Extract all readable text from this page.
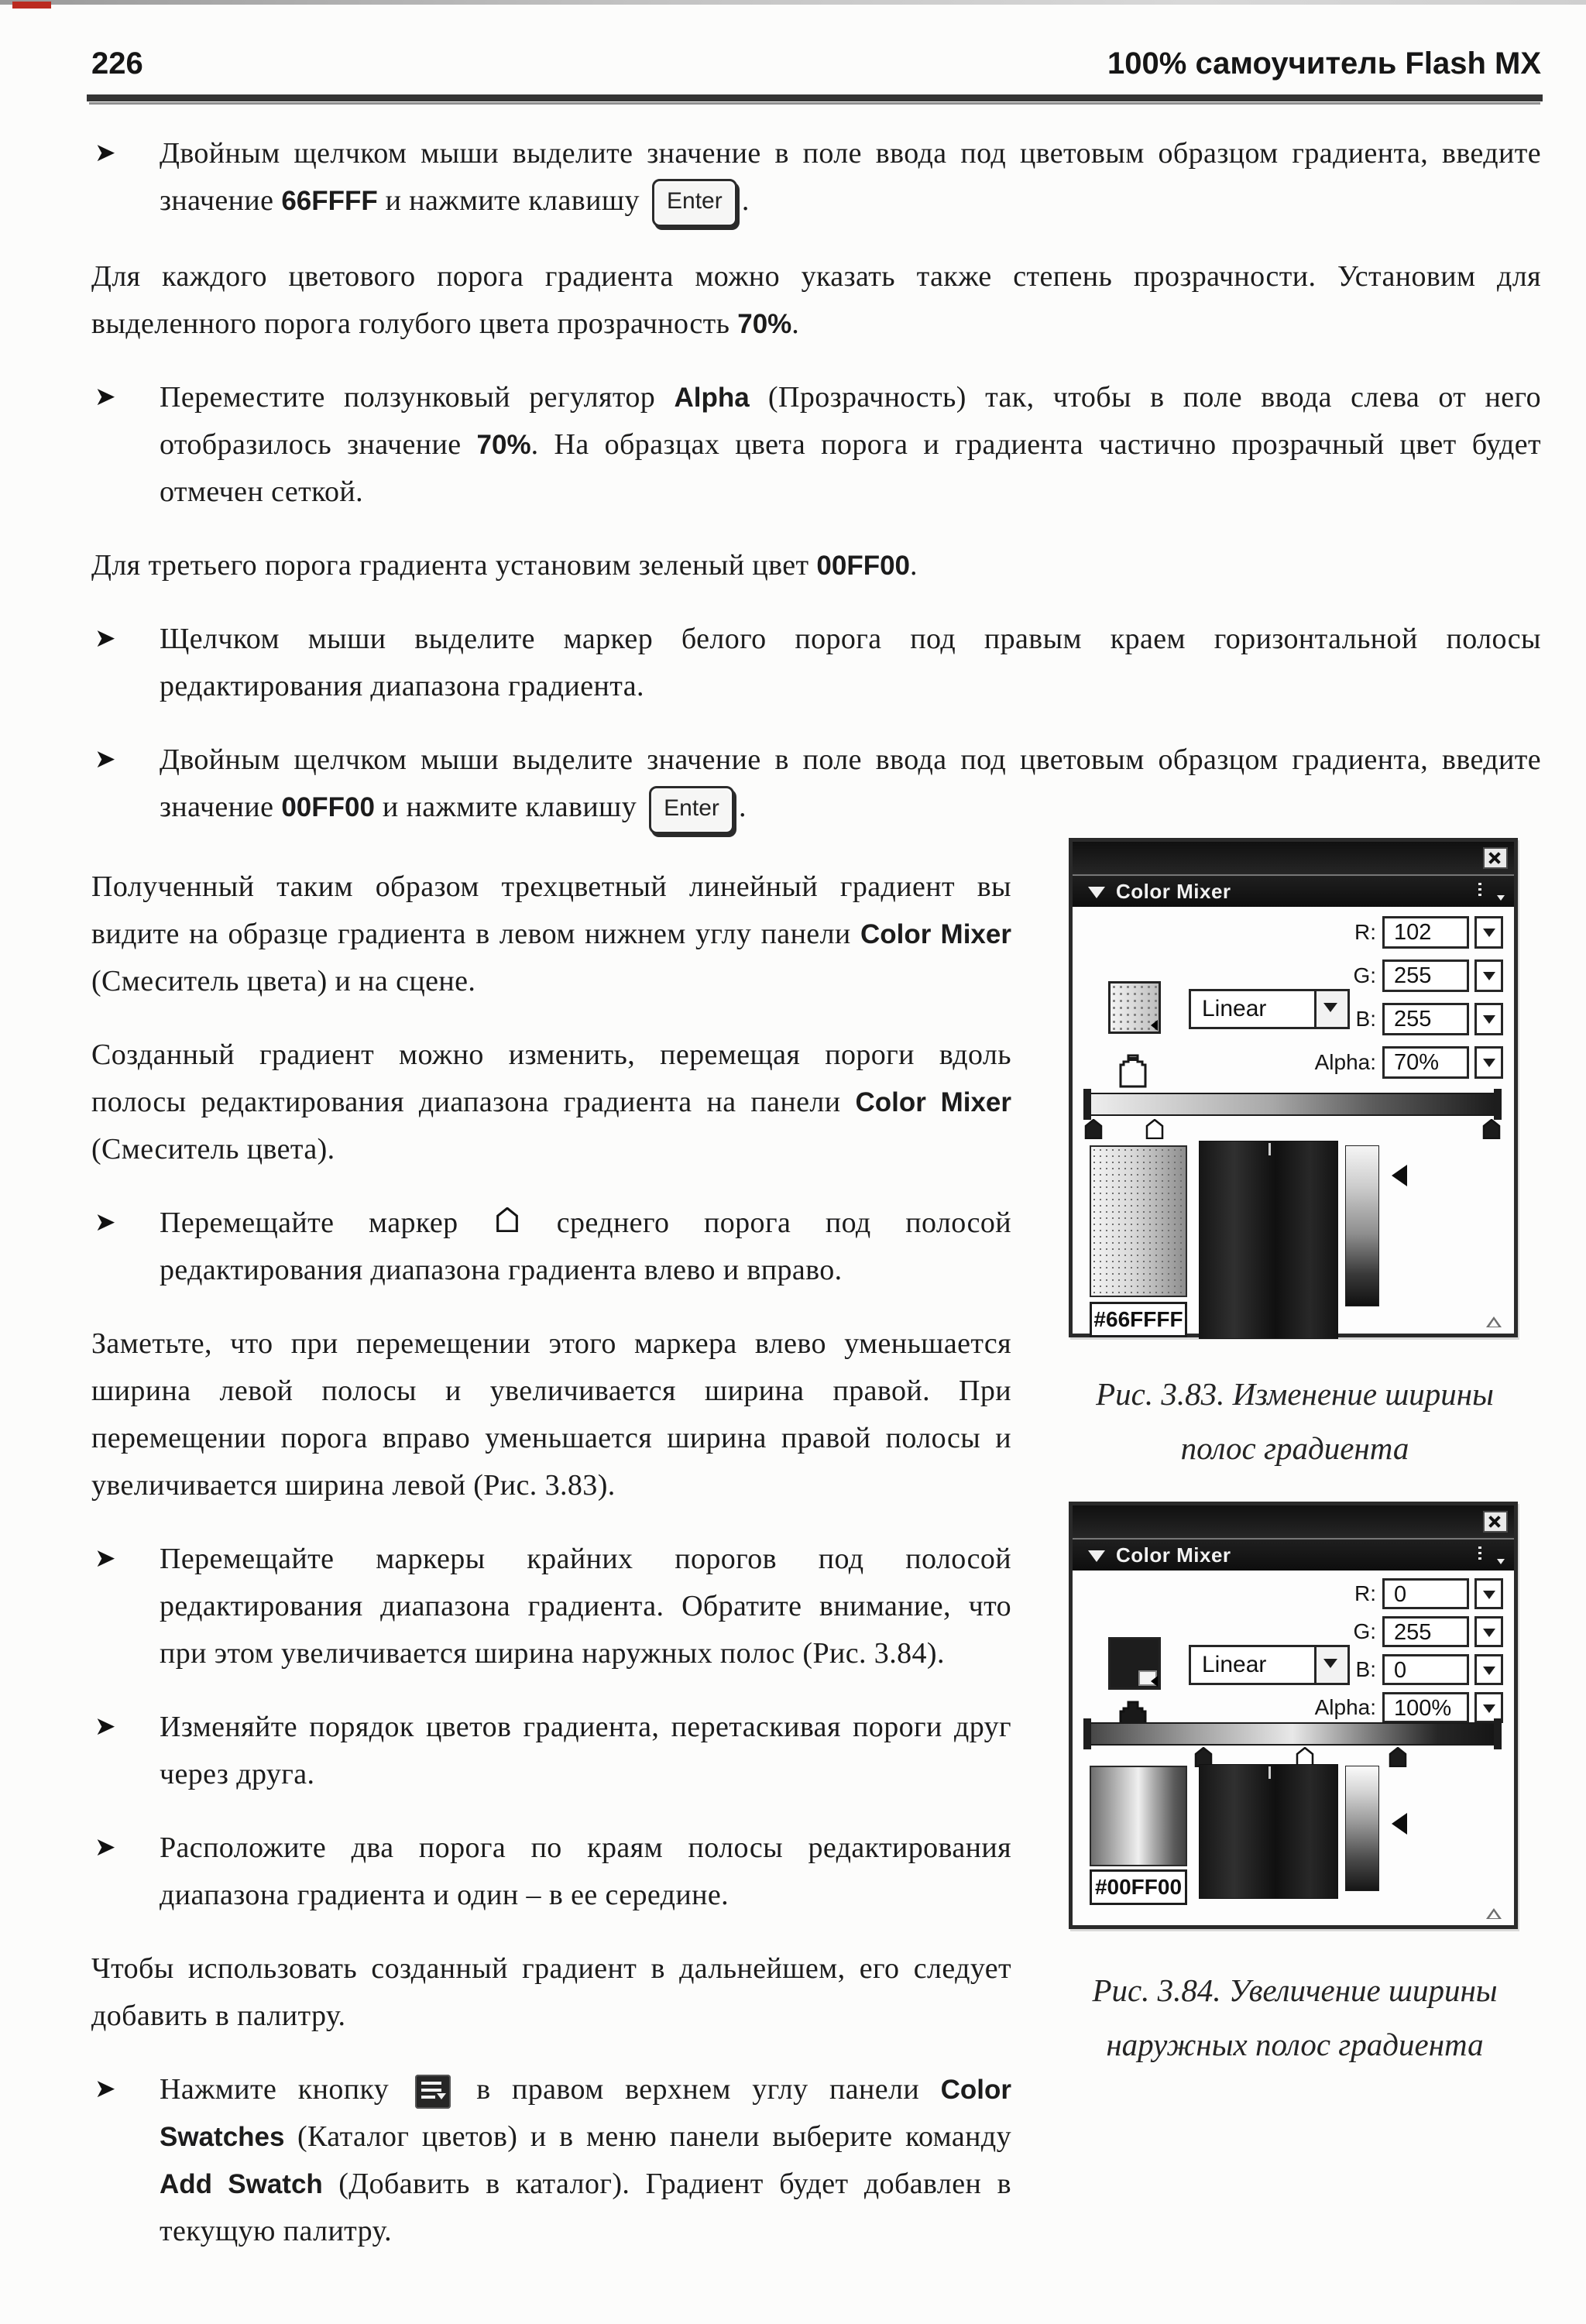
226	100% самоучитель Flash MX
➤ Двойным щелчком мыши выделите значение в поле ввода под цветовым образцом градиента, введите значение 66FFFF и нажмите клавишу Enter .
Для каждого цветового порога градиента можно указать также степень прозрачности. Установим для выделенного порога голубого цвета прозрачность 70%.
➤ Переместите ползунковый регулятор Alpha (Прозрачность) так, чтобы в поле ввода слева от него отобразилось значение 70%. На образцах цвета порога и градиента частично прозрачный цвет будет отмечен сеткой.
Для третьего порога градиента установим зеленый цвет 00FF00.
➤ Щелчком мыши выделите маркер белого порога под правым краем горизонтальной полосы редактирования диапазона градиента.
➤ Двойным щелчком мыши выделите значение в поле ввода под цветовым образцом градиента, введите значение 00FF00 и нажмите клавишу Enter .
Полученный таким образом трехцветный линейный градиент вы видите на образце градиента в левом нижнем углу панели Color Mixer (Смеситель цвета) и на сцене.
Созданный градиент можно изменить, перемещая пороги вдоль полосы редактирования диапазона градиента на панели Color Mixer (Смеситель цвета).
➤ Перемещайте маркер  среднего порога под полосой редактирования диапазона градиента влево и вправо.
Заметьте, что при перемещении этого маркера влево уменьшается ширина левой полосы и увеличивается ширина правой. При перемещении порога вправо уменьшается ширина правой полосы и увеличивается ширина левой (Рис. 3.83).
➤ Перемещайте маркеры крайних порогов под полосой редактирования диапазона градиента. Обратите внимание, что при этом увеличивается ширина наружных полос (Рис. 3.84).
➤ Изменяйте порядок цветов градиента, перетаскивая пороги друг через друга.
➤ Расположите два порога по краям полосы редактирования диапазона градиента и один – в ее середине.
Чтобы использовать созданный градиент в дальнейшем, его следует добавить в палитру.
➤ Нажмите кнопку
в правом верхнем углу панели Color Swatches (Каталог цветов) и в меню панели выберите команду Add Swatch (Добавить в каталог). Градиент будет добавлен в текущую палитру.
Color Mixer
R: 102
G: 255
B: 255
Alpha: 70%
Linear
#66FFFF
Рис. 3.83. Изменение ширины
полос градиента
Color Mixer
R: 0
G: 255
B: 0
Alpha: 100%
Linear
#00FF00
Рис. 3.84. Увеличение ширины
наружных полос градиента
